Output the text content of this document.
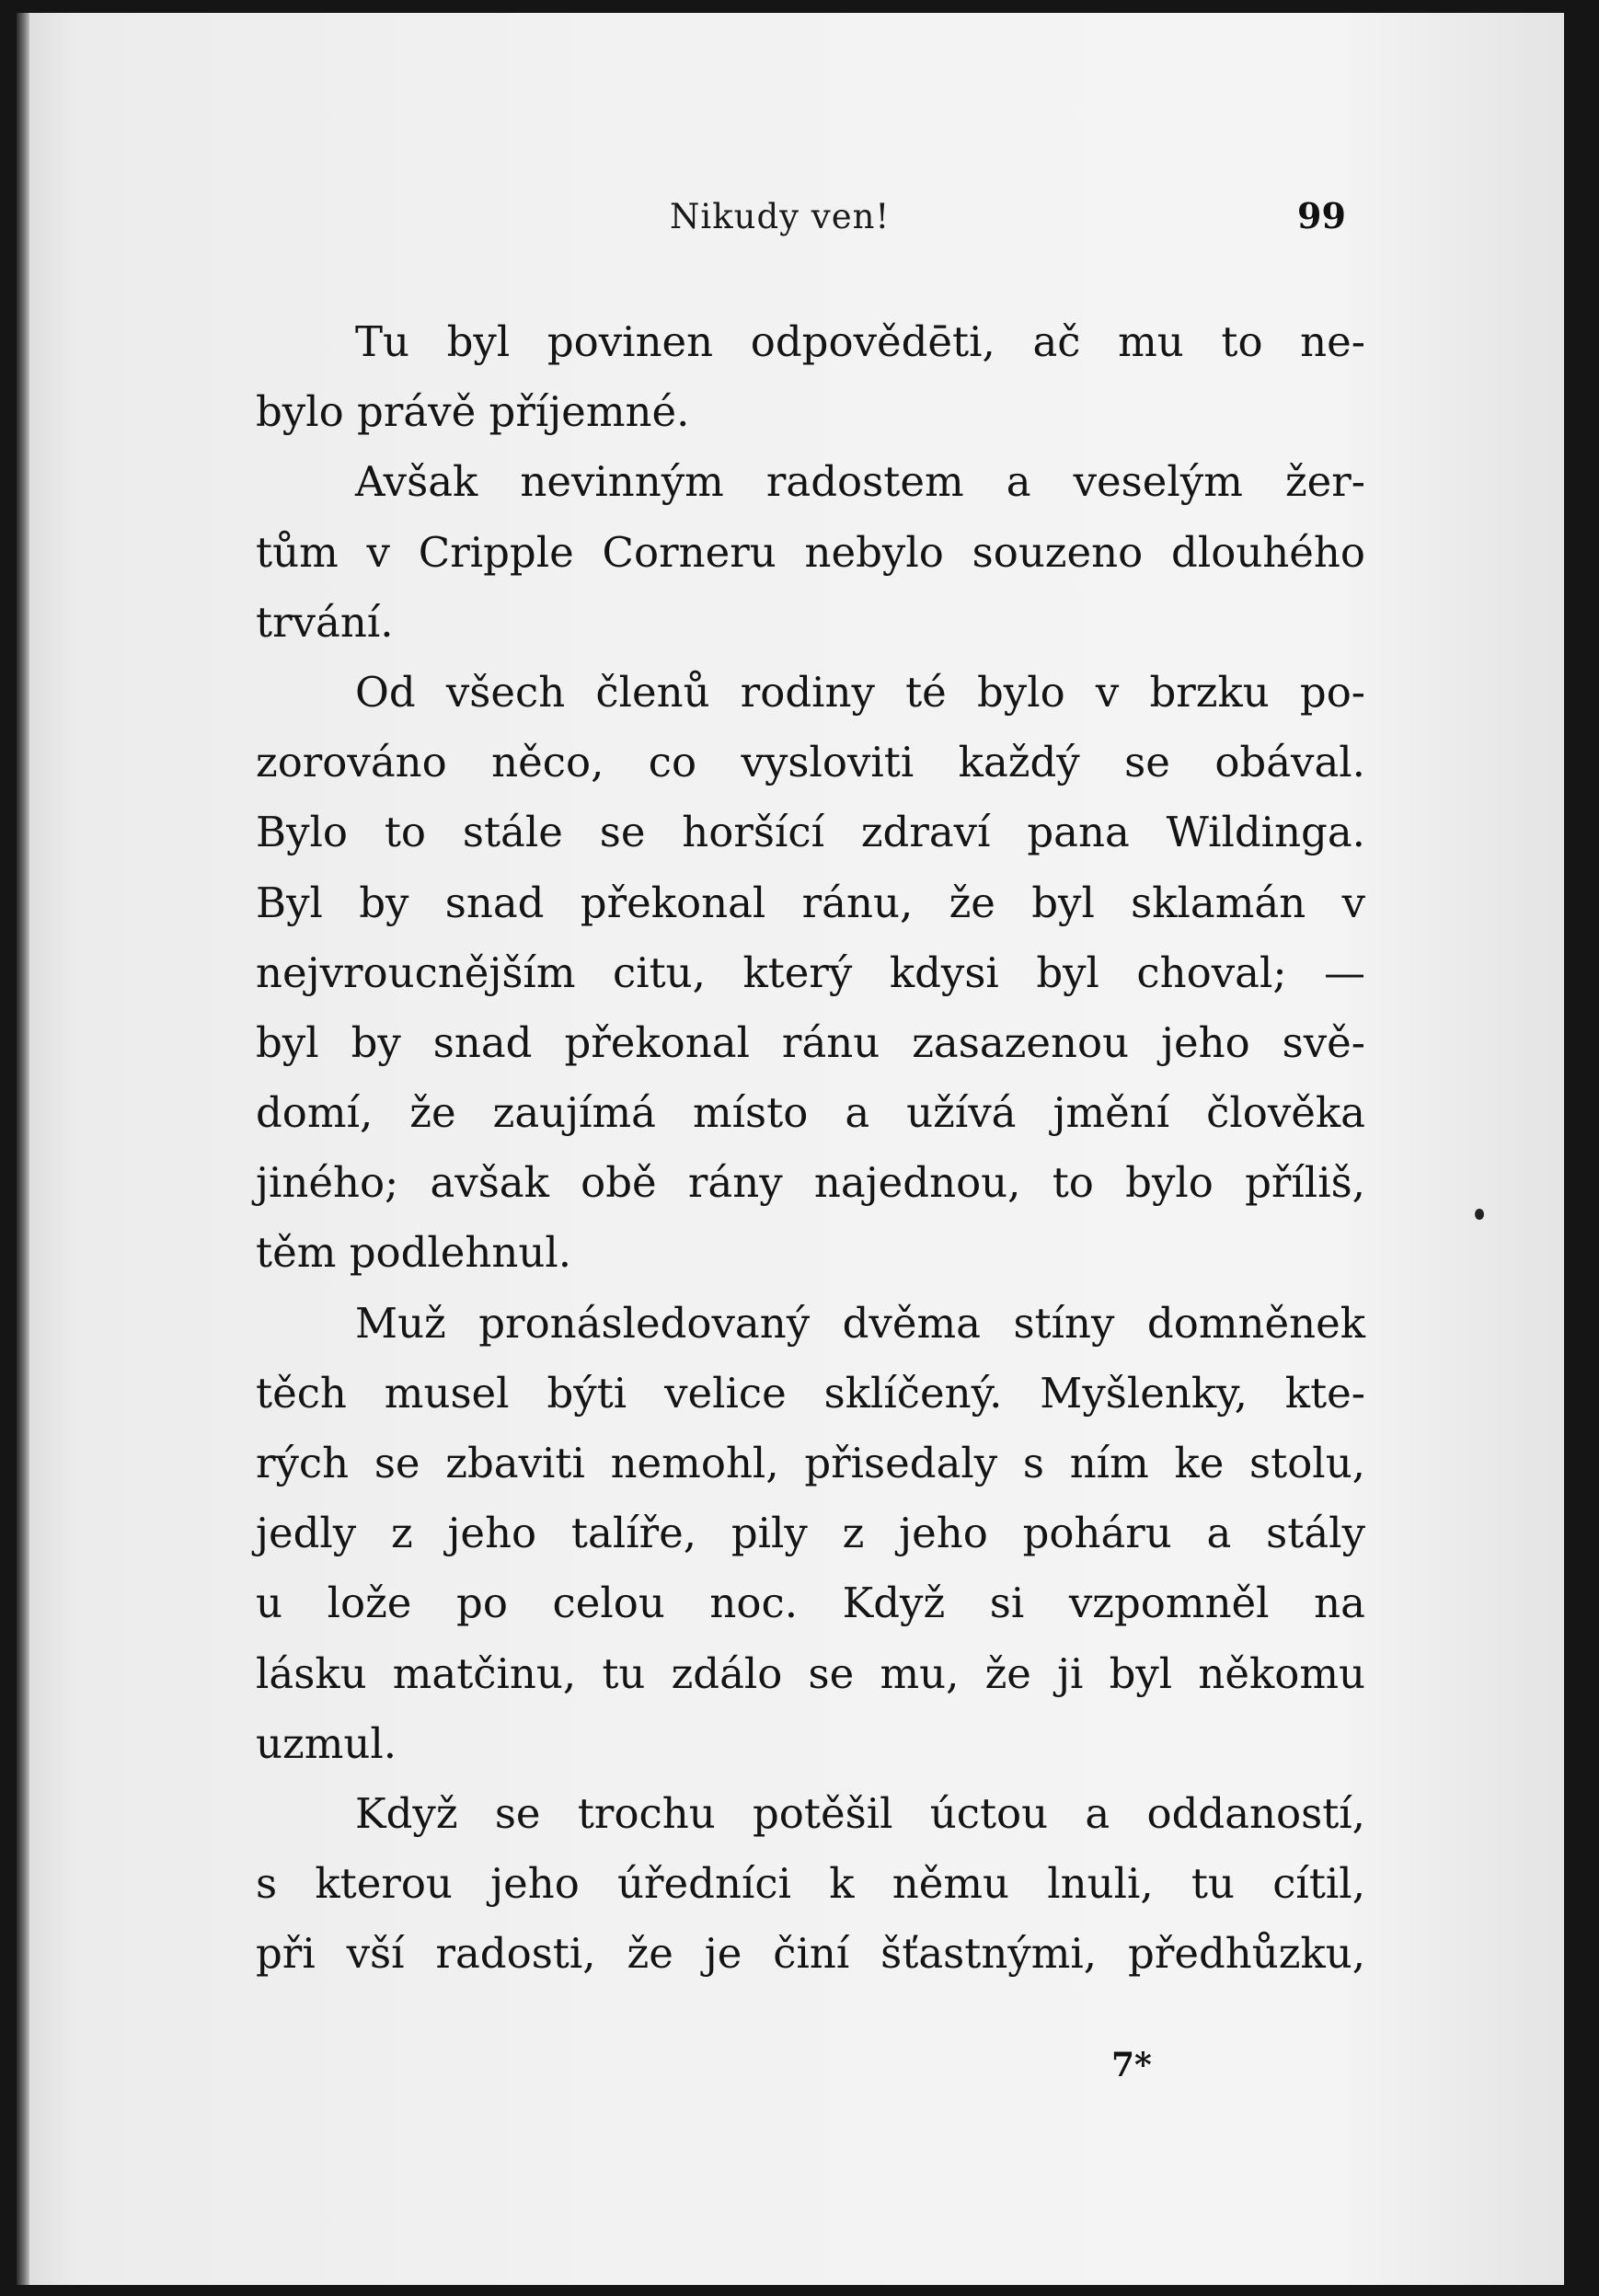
Nikudy ven!	99
Tu byl povinen odpovědēti, ač mu to ne-
bylo právě příjemné.
Avšak nevinným radostem a veselým žer-
tům v Cripple Corneru nebylo souzeno dlouhého
trvání.
Od všech členů rodiny té bylo v brzku po-
zorováno něco, co vysloviti každý se obával.
Bylo to stále se horšící zdraví pana Wildinga.
Byl by snad překonal ránu, že byl sklamán v
nejvroucnějším citu, který kdysi byl choval; —
byl by snad překonal ránu zasazenou jeho svě-
domí, že zaujímá místo a užívá jmění člověka
jiného; avšak obě rány najednou, to bylo příliš,
těm podlehnul.
Muž pronásledovaný dvěma stíny domněnek
těch musel býti velice sklíčený. Myšlenky, kte-
rých se zbaviti nemohl, přisedaly s ním ke stolu,
jedly z jeho talíře, pily z jeho poháru a stály
u lože po celou noc. Když si vzpomněl na
lásku matčinu, tu zdálo se mu, že ji byl někomu
uzmul.
Když se trochu potěšil úctou a oddaností,
s kterou jeho úředníci k němu lnuli, tu cítil,
při vší radosti, že je činí šťastnými, předhůzku,
7*
